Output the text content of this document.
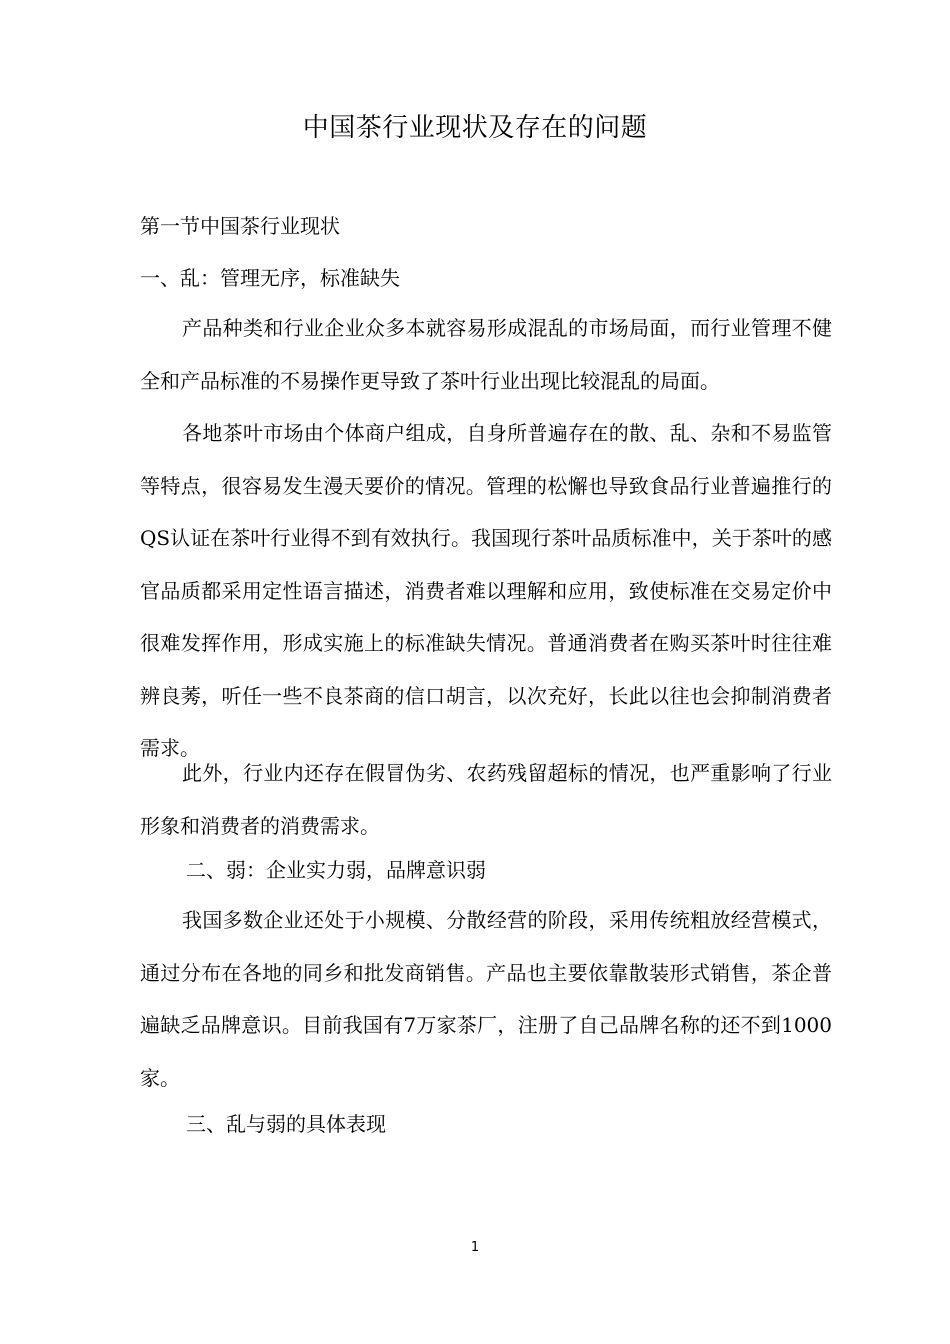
中国茶行业现状及存在的问题
第一节中国茶行业现状
一、乱：管理无序，标准缺失

产品种类和行业企业众多本就容易形成混乱的市场局面，而行业管理不健全和产品标准的不易操作更导致了茶叶行业出现比较混乱的局面。

各地茶叶市场由个体商户组成，自身所普遍存在的散、乱、杂和不易监管等特点，很容易发生漫天要价的情况。管理的松懈也导致食品行业普遍推行的QS认证在茶叶行业得不到有效执行。我国现行茶叶品质标准中，关于茶叶的感官品质都采用定性语言描述，消费者难以理解和应用，致使标准在交易定价中很难发挥作用，形成实施上的标准缺失情况。普通消费者在购买茶叶时往往难辨良莠，听任一些不良茶商的信口胡言，以次充好，长此以往也会抑制消费者需求。

此外，行业内还存在假冒伪劣、农药残留超标的情况，也严重影响了行业形象和消费者的消费需求。

二、弱：企业实力弱，品牌意识弱

我国多数企业还处于小规模、分散经营的阶段，采用传统粗放经营模式，通过分布在各地的同乡和批发商销售。产品也主要依靠散装形式销售，茶企普遍缺乏品牌意识。目前我国有7万家茶厂，注册了自己品牌名称的还不到1000家。

三、乱与弱的具体表现
1
